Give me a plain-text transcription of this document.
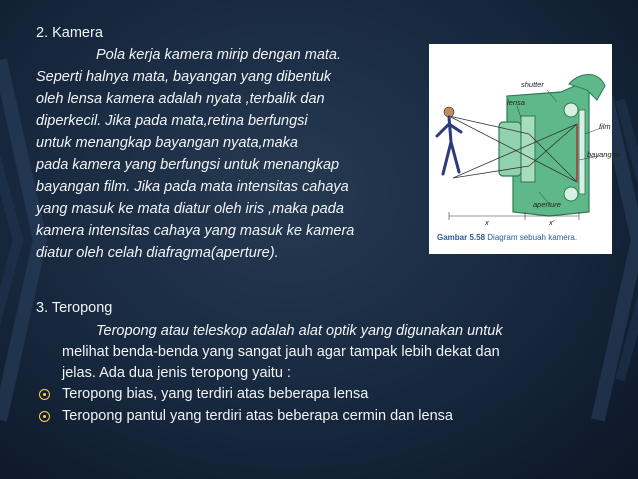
2. Kamera
Pola kerja kamera mirip dengan mata.
Seperti halnya mata, bayangan yang dibentuk
oleh lensa kamera adalah nyata ,terbalik dan
diperkecil. Jika pada mata,retina berfungsi
untuk menangkap bayangan nyata,maka
pada kamera yang berfungsi untuk menangkap
bayangan film. Jika pada mata intensitas cahaya
yang masuk ke mata diatur oleh iris ,maka pada
kamera intensitas cahaya yang masuk ke kamera
diatur oleh celah diafragma(aperture).
shutter
lensa
film
bayangan
aperture
x	x'
Gambar 5.58 Diagram sebuah kamera.
3. Teropong
Teropong atau teleskop adalah alat optik yang digunakan untuk
melihat benda-benda yang sangat jauh agar tampak lebih dekat dan
jelas. Ada dua jenis teropong yaitu :
Teropong bias, yang terdiri atas beberapa lensa
Teropong pantul yang terdiri atas beberapa cermin dan lensa
